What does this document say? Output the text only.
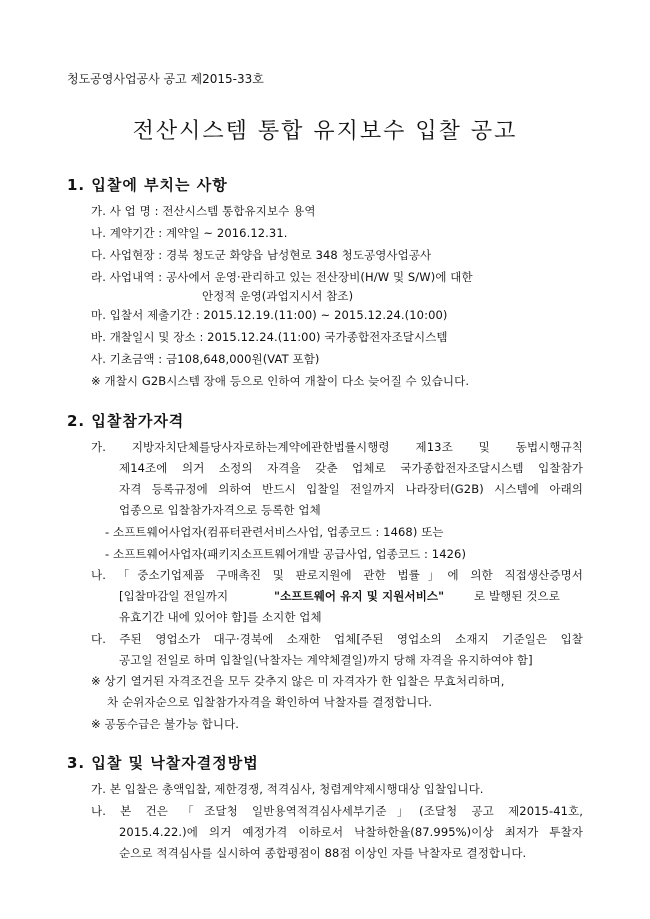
청도공영사업공사 공고 제2015-33호
전산시스템 통합 유지보수 입찰 공고
1. 입찰에 부치는 사항
가. 사 업 명 : 전산시스템 통합유지보수 용역
나. 계약기간 : 계약일 ~ 2016.12.31.
다. 사업현장 : 경북 청도군 화양읍 남성현로 348 청도공영사업공사
라. 사업내역 : 공사에서 운영·관리하고 있는 전산장비(H/W 및 S/W)에 대한
안정적 운영(과업지시서 참조)
마. 입찰서 제출기간 : 2015.12.19.(11:00) ~ 2015.12.24.(10:00)
바. 개찰일시 및 장소 : 2015.12.24.(11:00) 국가종합전자조달시스템
사. 기초금액 : 금108,648,000원(VAT 포함)
※ 개찰시 G2B시스템 장애 등으로 인하여 개찰이 다소 늦어질 수 있습니다.
2. 입찰참가자격
가. 지방자치단체를당사자로하는계약에관한법률시행령 제13조 및 동법시행규칙
제14조에 의거 소정의 자격을 갖춘 업체로 국가종합전자조달시스템 입찰참가
자격 등록규정에 의하여 반드시 입찰일 전일까지 나라장터(G2B) 시스템에 아래의
업종으로 입찰참가자격으로 등록한 업체
- 소프트웨어사업자(컴퓨터관련서비스사업, 업종코드 : 1468) 또는
- 소프트웨어사업자(패키지소프트웨어개발 공급사업, 업종코드 : 1426)
나. 「중소기업제품 구매촉진 및 판로지원에 관한 법률」에 의한 직접생산증명서
[입찰마감일 전일까지	"소프트웨어 유지 및 지원서비스"	로 발행된 것으로
유효기간 내에 있어야 함]를 소지한 업체
다. 주된 영업소가 대구·경북에 소재한 업체[주된 영업소의 소재지 기준일은 입찰
공고일 전일로 하며 입찰일(낙찰자는 계약체결일)까지 당해 자격을 유지하여야 함]
※ 상기 열거된 자격조건을 모두 갖추지 않은 미 자격자가 한 입찰은 무효처리하며,
차 순위자순으로 입찰참가자격을 확인하여 낙찰자를 결정합니다.
※ 공동수급은 불가능 합니다.
3. 입찰 및 낙찰자결정방법
가. 본 입찰은 총액입찰, 제한경쟁, 적격심사, 청렴계약제시행대상 입찰입니다.
나. 본 건은 「조달청 일반용역적격심사세부기준」(조달청 공고 제2015-41호,
2015.4.22.)에 의거 예정가격 이하로서 낙찰하한율(87.995%)이상 최저가 투찰자
순으로 적격심사를 실시하여 종합평점이 88점 이상인 자를 낙찰자로 결정합니다.
